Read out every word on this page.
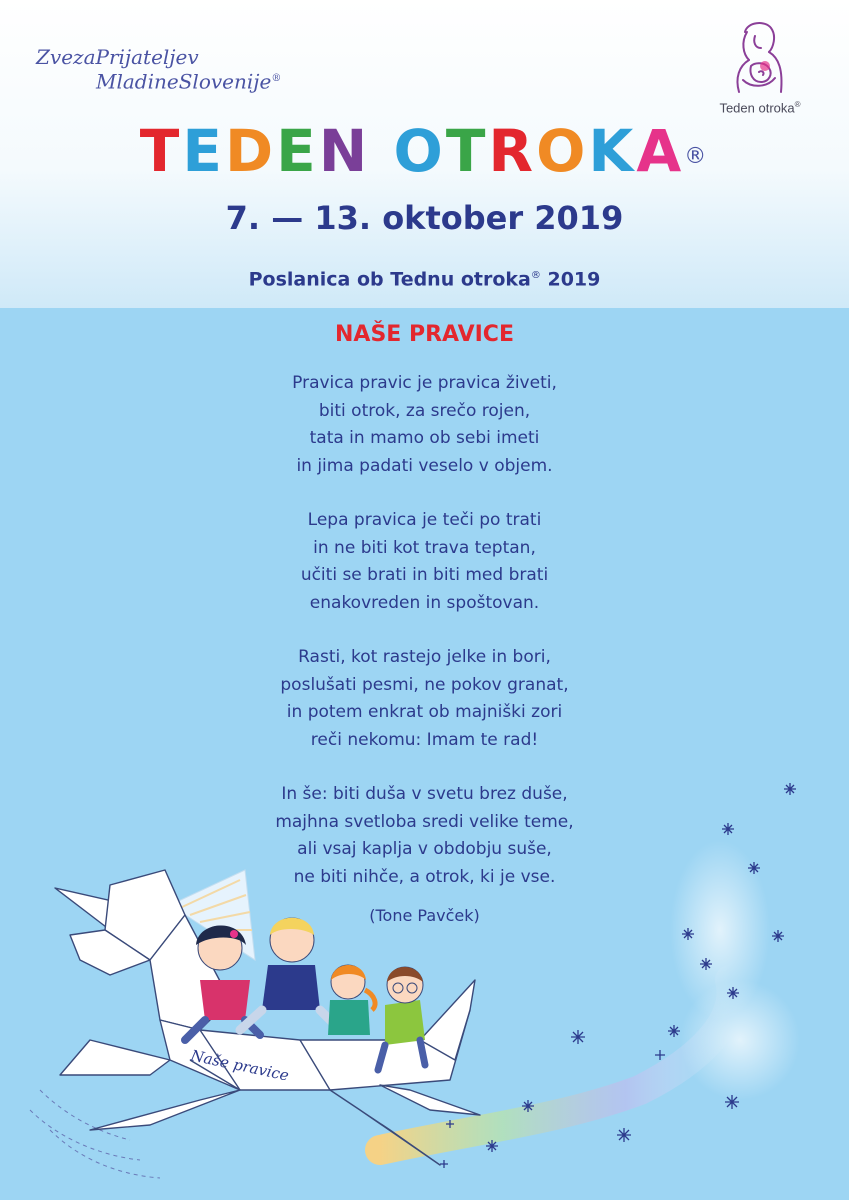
ZvezaPrijateljev
MladineSlovenije®
Teden otroka®
TEDEN OTROKA®
7. — 13. oktober 2019
Poslanica ob Tednu otroka® 2019
NAŠE PRAVICE
Pravica pravic je pravica živeti,
biti otrok, za srečo rojen,
tata in mamo ob sebi imeti
in jima padati veselo v objem.
Lepa pravica je teči po trati
in ne biti kot trava teptan,
učiti se brati in biti med brati
enakovreden in spoštovan.
Rasti, kot rastejo jelke in bori,
poslušati pesmi, ne pokov granat,
in potem enkrat ob majniški zori
reči nekomu: Imam te rad!
In še: biti duša v svetu brez duše,
majhna svetloba sredi velike teme,
ali vsaj kaplja v obdobju suše,
ne biti nihče, a otrok, ki je vse.
(Tone Pavček)
Naše pravice
